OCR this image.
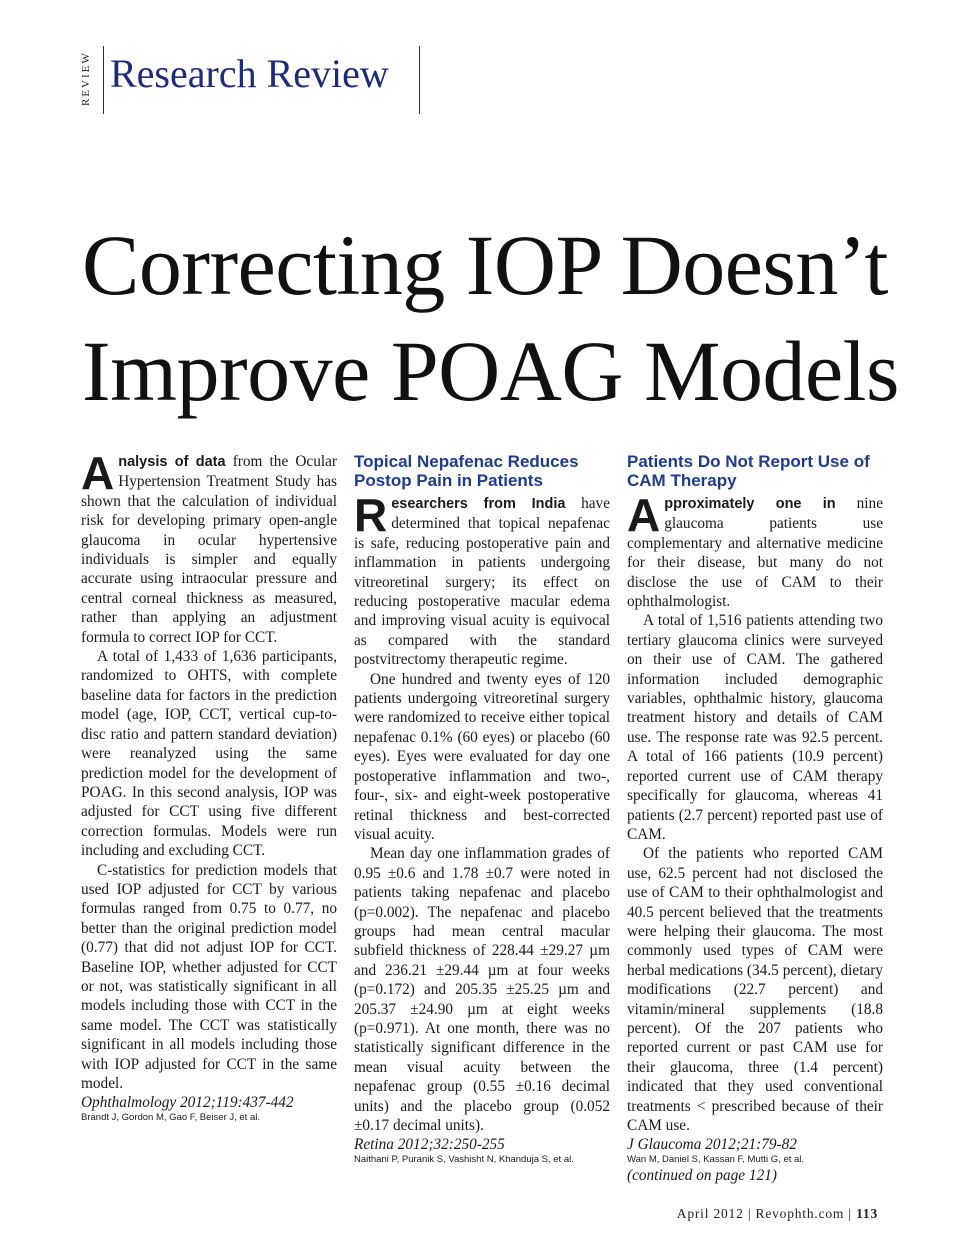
REVIEW Research Review
Correcting IOP Doesn’t
Improve POAG Models

Analysis of data from the Ocular Hypertension Treatment Study has shown that the calculation of individual risk for developing primary open-angle glaucoma in ocular hypertensive individuals is simpler and equally accurate using intraocular pressure and central corneal thickness as measured, rather than applying an adjustment formula to correct IOP for CCT.

A total of 1,433 of 1,636 participants, randomized to OHTS, with complete baseline data for factors in the prediction model (age, IOP, CCT, vertical cup-to-disc ratio and pattern standard deviation) were reanalyzed using the same prediction model for the development of POAG. In this second analysis, IOP was adjusted for CCT using five different correction formulas. Models were run including and excluding CCT.

C-statistics for prediction models that used IOP adjusted for CCT by various formulas ranged from 0.75 to 0.77, no better than the original prediction model (0.77) that did not adjust IOP for CCT. Baseline IOP, whether adjusted for CCT or not, was statistically significant in all models including those with CCT in the same model. The CCT was statistically significant in all models including those with IOP adjusted for CCT in the same model.

Ophthalmology 2012;119:437-442

Brandt J, Gordon M, Gao F, Beiser J, et al.

Topical Nepafenac Reduces Postop Pain in Patients

Researchers from India have determined that topical nepafenac is safe, reducing postoperative pain and inflammation in patients undergoing vitreoretinal surgery; its effect on reducing postoperative macular edema and improving visual acuity is equivocal as compared with the standard postvitrectomy therapeutic regime.

One hundred and twenty eyes of 120 patients undergoing vitreoretinal surgery were randomized to receive either topical nepafenac 0.1% (60 eyes) or placebo (60 eyes). Eyes were evaluated for day one postoperative inflammation and two-, four-, six- and eight-week postoperative retinal thickness and best-corrected visual acuity.

Mean day one inflammation grades of 0.95 ±0.6 and 1.78 ±0.7 were noted in patients taking nepafenac and placebo (p=0.002). The nepafenac and placebo groups had mean central macular subfield thickness of 228.44 ±29.27 µm and 236.21 ±29.44 µm at four weeks (p=0.172) and 205.35 ±25.25 µm and 205.37 ±24.90 µm at eight weeks (p=0.971). At one month, there was no statistically significant difference in the mean visual acuity between the nepafenac group (0.55 ±0.16 decimal units) and the placebo group (0.052 ±0.17 decimal units).

Retina 2012;32:250-255

Naithani P, Puranik S, Vashisht N, Khanduja S, et al.

Patients Do Not Report Use of CAM Therapy

Approximately one in nine glaucoma patients use complementary and alternative medicine for their disease, but many do not disclose the use of CAM to their ophthalmologist.

A total of 1,516 patients attending two tertiary glaucoma clinics were surveyed on their use of CAM. The gathered information included demographic variables, ophthalmic history, glaucoma treatment history and details of CAM use. The response rate was 92.5 percent. A total of 166 patients (10.9 percent) reported current use of CAM therapy specifically for glaucoma, whereas 41 patients (2.7 percent) reported past use of CAM.

Of the patients who reported CAM use, 62.5 percent had not disclosed the use of CAM to their ophthalmologist and 40.5 percent believed that the treatments were helping their glaucoma. The most commonly used types of CAM were herbal medications (34.5 percent), dietary modifications (22.7 percent) and vitamin/mineral supplements (18.8 percent). Of the 207 patients who reported current or past CAM use for their glaucoma, three (1.4 percent) indicated that they used conventional treatments < prescribed because of their CAM use.

J Glaucoma 2012;21:79-82

Wan M, Daniel S, Kassan F, Mutti G, et al.

(continued on page 121)

April 2012 | Revophth.com | 113
